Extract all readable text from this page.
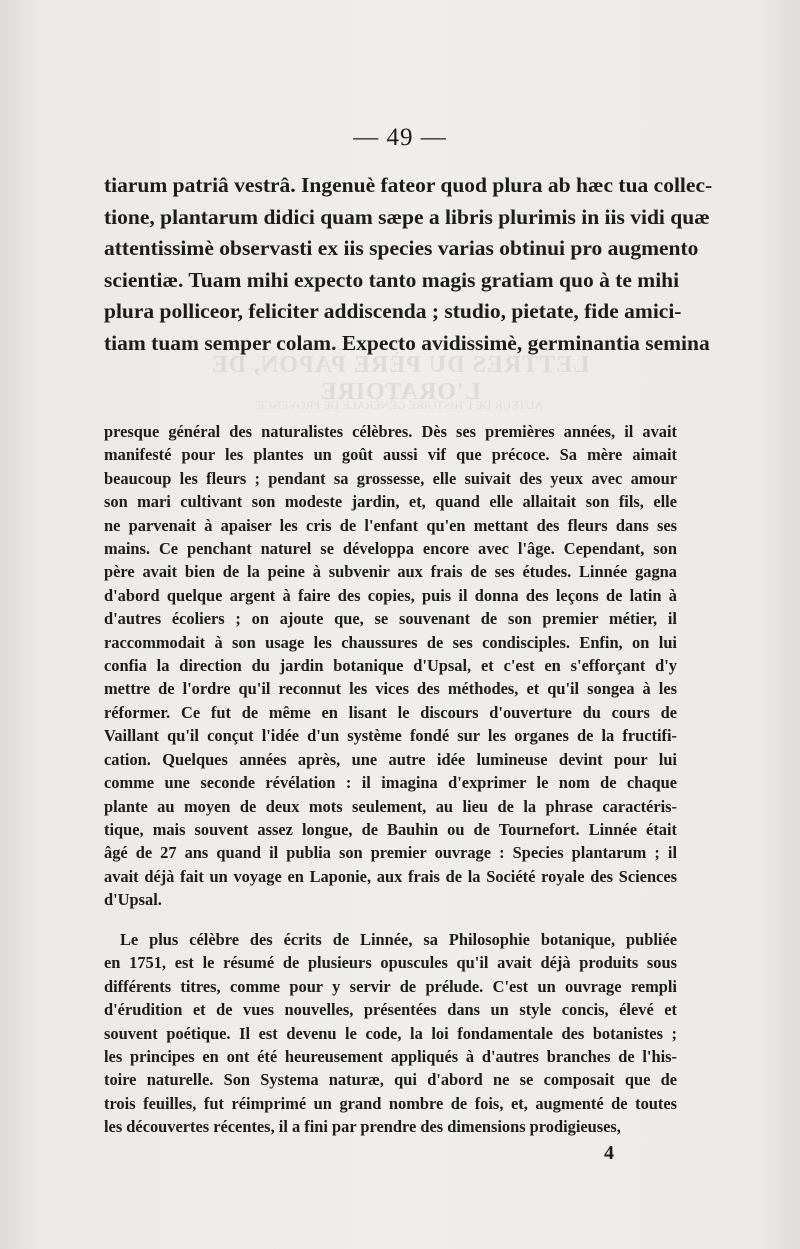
— 49 —
tiarum patriâ vestrâ. Ingenuè fateor quod plura ab hæc tua collec-
tione, plantarum didici quam sæpe a libris plurimis in iis vidi quæ
attentissimè observasti ex iis species varias obtinui pro augmento
scientiæ. Tuam mihi expecto tanto magis gratiam quo à te mihi
plura polliceor, feliciter addiscenda ; studio, pietate, fide amici-
tiam tuam semper colam. Expecto avidissimè, germinantia semina
LETTRES DU PÈRE PAPON, DE L'ORATOIRE
AUTEUR DE L'HISTOIRE GÉNÉRALE DE PROVENCE
presque général des naturalistes célèbres. Dès ses premières années, il avait
manifesté pour les plantes un goût aussi vif que précoce. Sa mère aimait
beaucoup les fleurs ; pendant sa grossesse, elle suivait des yeux avec amour
son mari cultivant son modeste jardin, et, quand elle allaitait son fils, elle
ne parvenait à apaiser les cris de l'enfant qu'en mettant des fleurs dans ses
mains. Ce penchant naturel se développa encore avec l'âge. Cependant, son
père avait bien de la peine à subvenir aux frais de ses études. Linnée gagna
d'abord quelque argent à faire des copies, puis il donna des leçons de latin à
d'autres écoliers ; on ajoute que, se souvenant de son premier métier, il
raccommodait à son usage les chaussures de ses condisciples. Enfin, on lui
confia la direction du jardin botanique d'Upsal, et c'est en s'efforçant d'y
mettre de l'ordre qu'il reconnut les vices des méthodes, et qu'il songea à les
réformer. Ce fut de même en lisant le discours d'ouverture du cours de
Vaillant qu'il conçut l'idée d'un système fondé sur les organes de la fructifi-
cation. Quelques années après, une autre idée lumineuse devint pour lui
comme une seconde révélation : il imagina d'exprimer le nom de chaque
plante au moyen de deux mots seulement, au lieu de la phrase caractéris-
tique, mais souvent assez longue, de Bauhin ou de Tournefort. Linnée était
âgé de 27 ans quand il publia son premier ouvrage : Species plantarum ; il
avait déjà fait un voyage en Laponie, aux frais de la Société royale des Sciences
d'Upsal.
Le plus célèbre des écrits de Linnée, sa Philosophie botanique, publiée
en 1751, est le résumé de plusieurs opuscules qu'il avait déjà produits sous
différents titres, comme pour y servir de prélude. C'est un ouvrage rempli
d'érudition et de vues nouvelles, présentées dans un style concis, élevé et
souvent poétique. Il est devenu le code, la loi fondamentale des botanistes ;
les principes en ont été heureusement appliqués à d'autres branches de l'his-
toire naturelle. Son Systema naturæ, qui d'abord ne se composait que de
trois feuilles, fut réimprimé un grand nombre de fois, et, augmenté de toutes
les découvertes récentes, il a fini par prendre des dimensions prodigieuses,
4
